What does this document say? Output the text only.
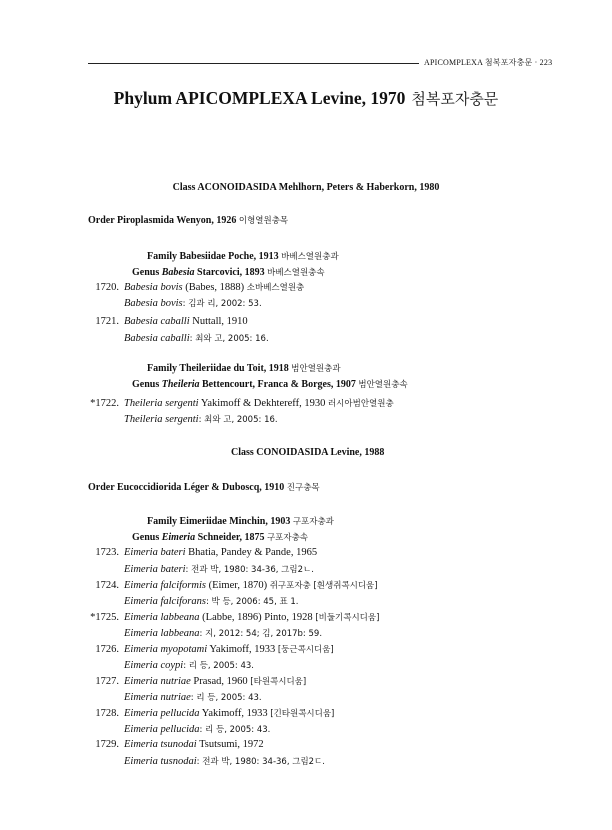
APICOMPLEXA 첨복포자충문 · 223
Phylum APICOMPLEXA Levine, 1970 첨복포자충문
Class ACONOIDASIDA Mehlhorn, Peters & Haberkorn, 1980
Order Piroplasmida Wenyon, 1926 이형열원충목
Family Babesiidae Poche, 1913 바베스열원충과
Genus Babesia Starcovici, 1893 바베스열원충속
1720. Babesia bovis (Babes, 1888) 소바베스열원충
Babesia bovis: 김과 리, 2002: 53.
1721. Babesia caballi Nuttall, 1910
Babesia caballi: 최와 고, 2005: 16.
Family Theileriidae du Toit, 1918 범안열원충과
Genus Theileria Bettencourt, Franca & Borges, 1907 범안열원충속
*1722. Theileria sergenti Yakimoff & Dekhtereff, 1930 러시아범안열원충
Theileria sergenti: 최와 고, 2005: 16.
Class CONOIDASIDA Levine, 1988
Order Eucoccidiorida Léger & Duboscq, 1910 진구충목
Family Eimeriidae Minchin, 1903 구포자충과
Genus Eimeria Schneider, 1875 구포자충속
1723. Eimeria bateri Bhatia, Pandey & Pande, 1965
Eimeria bateri: 전과 박, 1980: 34-36, 그림2ㄴ.
1724. Eimeria falciformis (Eimer, 1870) 쥐구포자충 [흰생쥐콕시디움]
Eimeria falciforans: 박 등, 2006: 45, 표 1.
*1725. Eimeria labbeana (Labbe, 1896) Pinto, 1928 [비둘기콕시디움]
Eimeria labbeana: 지, 2012: 54; 김, 2017b: 59.
1726. Eimeria myopotami Yakimoff, 1933 [둥근콕시디움]
Eimeria coypi: 리 등, 2005: 43.
1727. Eimeria nutriae Prasad, 1960 [타원콕시디움]
Eimeria nutriae: 리 등, 2005: 43.
1728. Eimeria pellucida Yakimoff, 1933 [긴타원콕시디움]
Eimeria pellucida: 리 등, 2005: 43.
1729. Eimeria tsunodai Tsutsumi, 1972
Eimeria tusnodai: 전과 박, 1980: 34-36, 그림2ㄷ.
